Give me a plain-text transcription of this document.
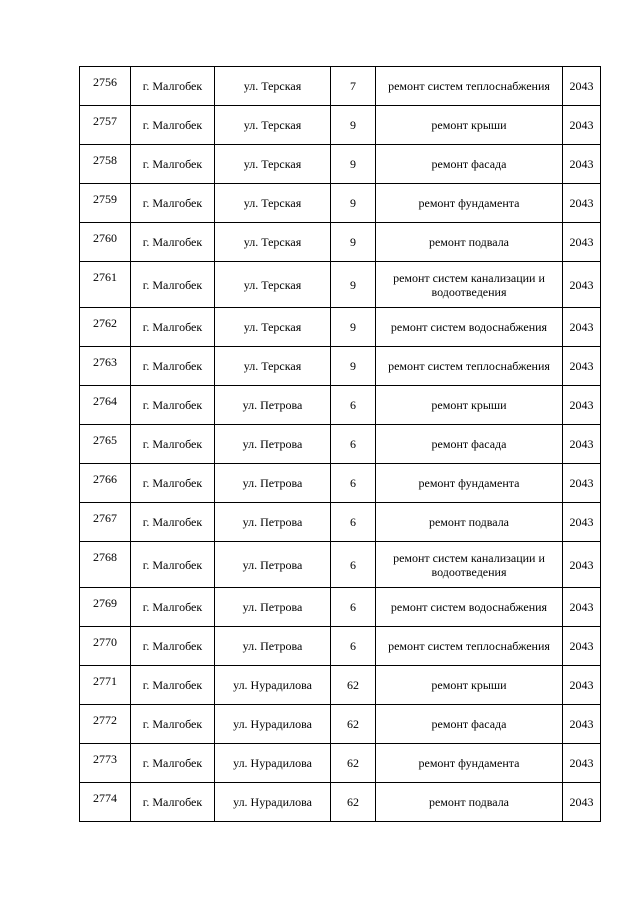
2756	г. Малгобек	ул. Терская	7	ремонт систем теплоснабжения	2043
2757	г. Малгобек	ул. Терская	9	ремонт крыши	2043
2758	г. Малгобек	ул. Терская	9	ремонт фасада	2043
2759	г. Малгобек	ул. Терская	9	ремонт фундамента	2043
2760	г. Малгобек	ул. Терская	9	ремонт подвала	2043
2761	г. Малгобек	ул. Терская	9	ремонт систем канализации и водоотведения	2043
2762	г. Малгобек	ул. Терская	9	ремонт систем водоснабжения	2043
2763	г. Малгобек	ул. Терская	9	ремонт систем теплоснабжения	2043
2764	г. Малгобек	ул. Петрова	6	ремонт крыши	2043
2765	г. Малгобек	ул. Петрова	6	ремонт фасада	2043
2766	г. Малгобек	ул. Петрова	6	ремонт фундамента	2043
2767	г. Малгобек	ул. Петрова	6	ремонт подвала	2043
2768	г. Малгобек	ул. Петрова	6	ремонт систем канализации и водоотведения	2043
2769	г. Малгобек	ул. Петрова	6	ремонт систем водоснабжения	2043
2770	г. Малгобек	ул. Петрова	6	ремонт систем теплоснабжения	2043
2771	г. Малгобек	ул. Нурадилова	62	ремонт крыши	2043
2772	г. Малгобек	ул. Нурадилова	62	ремонт фасада	2043
2773	г. Малгобек	ул. Нурадилова	62	ремонт фундамента	2043
2774	г. Малгобек	ул. Нурадилова	62	ремонт подвала	2043
